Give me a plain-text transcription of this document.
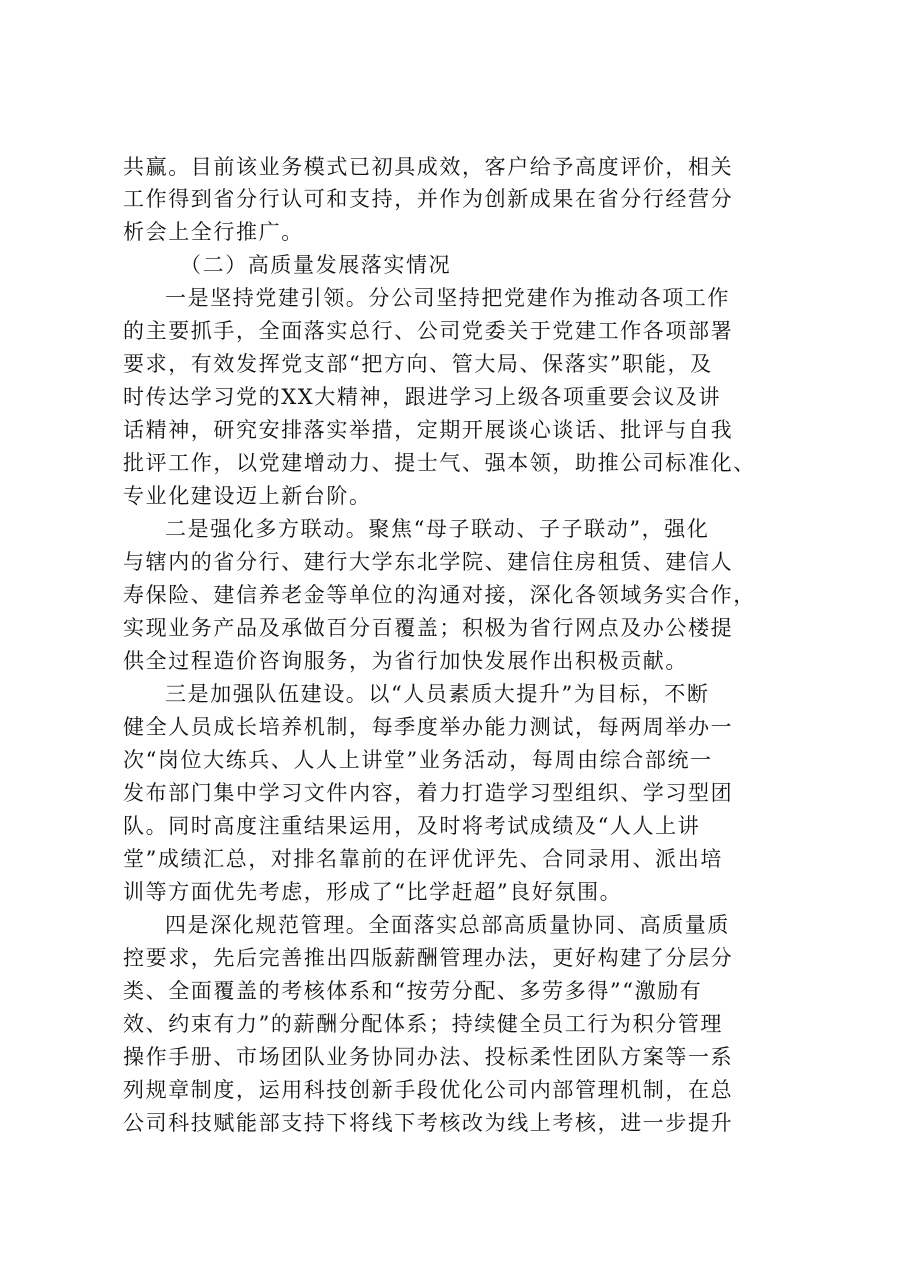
共赢。目前该业务模式已初具成效，客户给予高度评价，相关
工作得到省分行认可和支持，并作为创新成果在省分行经营分
析会上全行推广。
（二）高质量发展落实情况
一是坚持党建引领。分公司坚持把党建作为推动各项工作
的主要抓手，全面落实总行、公司党委关于党建工作各项部署
要求，有效发挥党支部“把方向、管大局、保落实”职能，及
时传达学习党的XX大精神，跟进学习上级各项重要会议及讲
话精神，研究安排落实举措，定期开展谈心谈话、批评与自我
批评工作，以党建增动力、提士气、强本领，助推公司标准化、
专业化建设迈上新台阶。
二是强化多方联动。聚焦“母子联动、子子联动”，强化
与辖内的省分行、建行大学东北学院、建信住房租赁、建信人
寿保险、建信养老金等单位的沟通对接，深化各领域务实合作，
实现业务产品及承做百分百覆盖；积极为省行网点及办公楼提
供全过程造价咨询服务，为省行加快发展作出积极贡献。
三是加强队伍建设。以“人员素质大提升”为目标，不断
健全人员成长培养机制，每季度举办能力测试，每两周举办一
次“岗位大练兵、人人上讲堂”业务活动，每周由综合部统一
发布部门集中学习文件内容，着力打造学习型组织、学习型团
队。同时高度注重结果运用，及时将考试成绩及“人人上讲
堂”成绩汇总，对排名靠前的在评优评先、合同录用、派出培
训等方面优先考虑，形成了“比学赶超”良好氛围。
四是深化规范管理。全面落实总部高质量协同、高质量质
控要求，先后完善推出四版薪酬管理办法，更好构建了分层分
类、全面覆盖的考核体系和“按劳分配、多劳多得”“激励有
效、约束有力”的薪酬分配体系；持续健全员工行为积分管理
操作手册、市场团队业务协同办法、投标柔性团队方案等一系
列规章制度，运用科技创新手段优化公司内部管理机制，在总
公司科技赋能部支持下将线下考核改为线上考核，进一步提升
